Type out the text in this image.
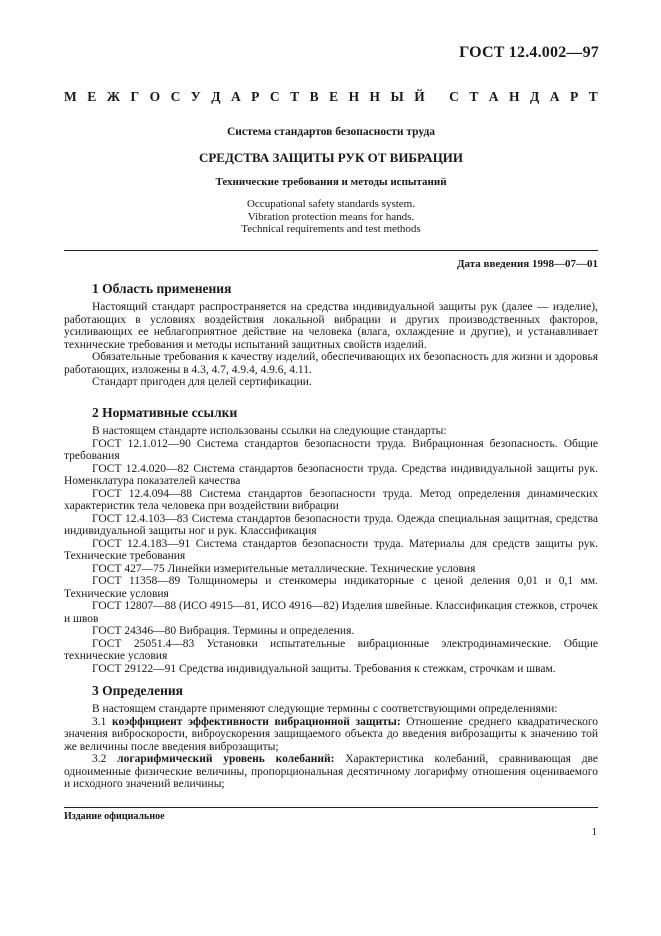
ГОСТ 12.4.002—97
М Е Ж Г О С У Д А Р С Т В Е Н Н Ы Й
С Т А Н Д А Р Т
Система стандартов безопасности труда
СРЕДСТВА ЗАЩИТЫ РУК ОТ ВИБРАЦИИ
Технические требования и методы испытаний
Occupational safety standards system.
Vibration protection means for hands.
Technical requirements and test methods
Дата введения 1998—07—01
1 Область применения

Настоящий стандарт распространяется на средства индивидуальной защиты рук (далее — изделие), работающих в условиях воздействия локальной вибрации и других производственных факторов, усиливающих ее неблагоприятное действие на человека (влага, охлаждение и другие), и устанавливает технические требования и методы испытаний защитных свойств изделий.

Обязательные требования к качеству изделий, обеспечивающих их безопасность для жизни и здоровья работающих, изложены в 4.3, 4.7, 4.9.4, 4.9.6, 4.11.

Стандарт пригоден для целей сертификации.

2 Нормативные ссылки

В настоящем стандарте использованы ссылки на следующие стандарты:

ГОСТ 12.1.012—90 Система стандартов безопасности труда. Вибрационная безопасность. Общие требования

ГОСТ 12.4.020—82 Система стандартов безопасности труда. Средства индивидуальной защиты рук. Номенклатура показателей качества

ГОСТ 12.4.094—88 Система стандартов безопасности труда. Метод определения динамических характеристик тела человека при воздействии вибрации

ГОСТ 12.4.103—83 Система стандартов безопасности труда. Одежда специальная защитная, средства индивидуальной защиты ног и рук. Классификация

ГОСТ 12.4.183—91 Система стандартов безопасности труда. Материалы для средств защиты рук. Технические требования

ГОСТ 427—75 Линейки измерительные металлические. Технические условия

ГОСТ 11358—89 Толщиномеры и стенкомеры индикаторные с ценой деления 0,01 и 0,1 мм. Технические условия

ГОСТ 12807—88 (ИСО 4915—81, ИСО 4916—82) Изделия швейные. Классификация стежков, строчек и швов

ГОСТ 24346—80 Вибрация. Термины и определения.

ГОСТ 25051.4—83 Установки испытательные вибрационные электродинамические. Общие технические условия

ГОСТ 29122—91 Средства индивидуальной защиты. Требования к стежкам, строчкам и швам.

3 Определения

В настоящем стандарте применяют следующие термины с соответствующими определениями:

3.1 коэффициент эффективности вибрационной защиты: Отношение среднего квадратического значения виброскорости, виброускорения защищаемого объекта до введения виброзащиты к значению той же величины после введения виброзащиты;

3.2 логарифмический уровень колебаний: Характеристика колебаний, сравнивающая две одноименные физические величины, пропорциональная десятичному логарифму отношения оцениваемого и исходного значений величины;

Издание официальное
1
